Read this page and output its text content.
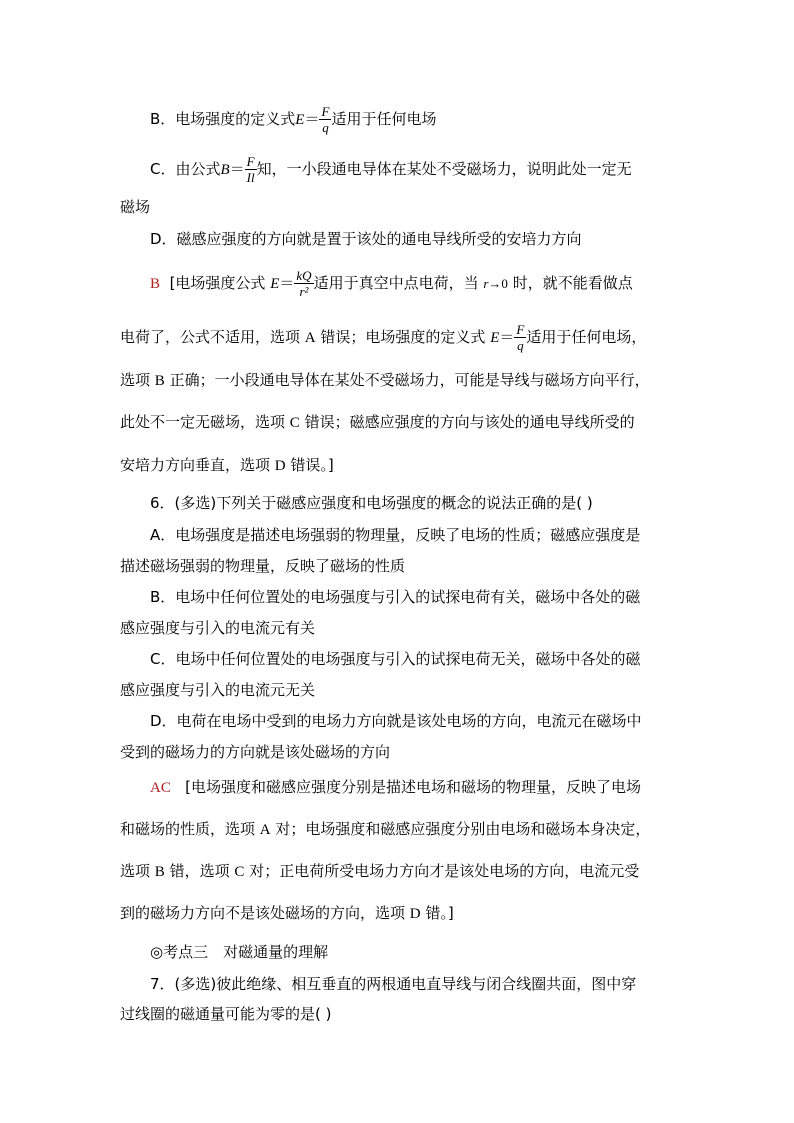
B．电场强度的定义式$E= \frac{F}{q}$ 适用于任何电场
C．由公式$B= \frac{F}{Il}$ 知，一小段通电导体在某处不受磁场力，说明此处一定无
磁场
D．磁感应强度的方向就是置于该处的通电导线所受的安培力方向
B [电场强度公式 $E= \frac{kQ}{\text{r²}}$ 适用于真空中点电荷，当 r→0 时，就不能看做点
电荷了，公式不适用，选项 A 错误；电场强度的定义式 $E= \frac{F}{q}$ 适用于任何电场，
选项 B 正确；一小段通电导体在某处不受磁场力，可能是导线与磁场方向平行，
此处不一定无磁场，选项 C 错误；磁感应强度的方向与该处的通电导线所受的
安培力方向垂直，选项 D 错误。]
6．(多选)下列关于磁感应强度和电场强度的概念的说法正确的是( )
A．电场强度是描述电场强弱的物理量，反映了电场的性质；磁感应强度是
描述磁场强弱的物理量，反映了磁场的性质
B．电场中任何位置处的电场强度与引入的试探电荷有关，磁场中各处的磁
感应强度与引入的电流元有关
C．电场中任何位置处的电场强度与引入的试探电荷无关，磁场中各处的磁
感应强度与引入的电流元无关
D．电荷在电场中受到的电场力方向就是该处电场的方向，电流元在磁场中
受到的磁场力的方向就是该处磁场的方向
AC [电场强度和磁感应强度分别是描述电场和磁场的物理量，反映了电场
和磁场的性质，选项 A 对；电场强度和磁感应强度分别由电场和磁场本身决定，
选项 B 错，选项 C 对；正电荷所受电场力方向才是该处电场的方向，电流元受
到的磁场力方向不是该处磁场的方向，选项 D 错。]
◎考点三　对磁通量的理解
7．(多选)彼此绝缘、相互垂直的两根通电直导线与闭合线圈共面，图中穿
过线圈的磁通量可能为零的是( )
